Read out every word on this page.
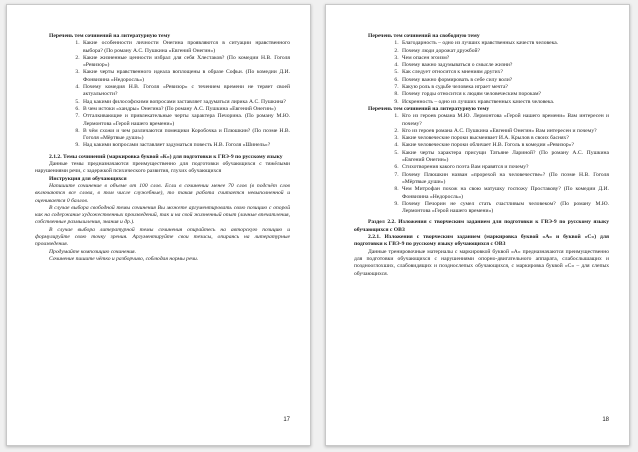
Перечень тем сочинений на литературную тему

1. Какие особенности личности Онегина проявляются в ситуации нравственного выбора? (По роману А.С. Пушкина «Евгений Онегин»)
2. Какие жизненные ценности избрал для себя Хлестаков? (По комедии Н.В. Гоголя «Ревизор»)
3. Какие черты нравственного идеала воплощены в образе Софьи. (По комедии Д.И. Фонвизина «Недоросль»)
4. Почему комедия Н.В. Гоголя «Ревизор» с течением времени не теряет своей актуальности?
5. Над какими философскими вопросами заставляет задуматься лирика А.С. Пушкина?
6. В чем истоки «хандры» Онегина? (По роману А.С. Пушкина «Евгений Онегин»)
7. Отталкивающие и привлекательные черты характера Печорина. (По роману М.Ю. Лермонтова «Герой нашего времени»)
8. В чём схожи и чем различаются помещики Коробочка и Плюшкин? (По поэме Н.В. Гоголя «Мёртвые души»)
9. Над какими вопросами заставляет задуматься повесть Н.В. Гоголя «Шинель»?

2.1.2. Темы сочинений (маркировка буквой «К») для подготовки к ГВЭ-9 по русскому языку

Данные темы предназначаются преимущественно для подготовки обучающихся с тяжёлыми нарушениями речи, с задержкой психического развития, глухих обучающихся

Инструкция для обучающихся

Напишите сочинение в объеме от 100 слов. Если в сочинении менее 70 слов (в подсчёт слов включаются все слова, в том числе служебные), то такая работа считается невыполненной и оценивается 0 баллов.

В случае выбора свободной темы сочинения Вы можете аргументировать свою позицию с опорой как на содержание художественных произведений, так и на свой жизненный опыт (личные впечатления, собственные размышления, знания и др.).

В случае выбора литературной темы сочинения опирайтесь на авторскую позицию и формулируйте свою точку зрения. Аргументируйте свои тезисы, опираясь на литературные произведения.

Продумайте композицию сочинения.

Сочинение пишите чётко и разборчиво, соблюдая нормы речи.

17

Перечень тем сочинений на свободную тему

1. Благодарность – одно из лучших нравственных качеств человека.
2. Почему люди дорожат дружбой?
3. Чем опасен эгоизм?
4. Почему важно задумываться о смысле жизни?
5. Как следует относится к мнениям других?
6. Почему важно формировать в себе силу воли?
7. Какую роль в судьбе человека играет мечта?
8. Почему горды относится к людям человеческим порокам?
9. Искренность – одно из лучших нравственных качеств человека.

Перечень тем сочинений на литературную тему

1. Кто из героев романа М.Ю. Лермонтова «Герой нашего времени» Вам интересен и почему?
2. Кто из героев романа А.С. Пушкина «Евгений Онегин» Вам интересен и почему?
3. Какие человеческие пороки высмеивает И.А. Крылов в своих баснях?
4. Какие человеческие пороки обличает Н.В. Гоголь в комедии «Ревизор»?
5. Какие черты характера присущи Татьяне Лариной? (По роману А.С. Пушкина «Евгений Онегин»)
6. Стихотворения какого поэта Вам нравятся и почему?
7. Почему Плюшкин назван «прорехой на человечестве»? (По поэме Н.В. Гоголя «Мёртвые души»)
8. Чем Митрофан похож на свою матушку госпожу Простакову? (По комедии Д.И. Фонвизина «Недоросль»)
9. Почему Печорин не сумел стать счастливым человеком? (По роману М.Ю. Лермонтова «Герой нашего времени»)

Раздел 2.2. Изложения с творческим заданием для подготовки к ГВЭ-9 по русскому языку обучающихся с ОВЗ

2.2.1. Изложения с творческим заданием (маркировка буквой «А» и буквой «С») для подготовки к ГВЭ-9 по русскому языку обучающихся с ОВЗ

Данные тренировочные материалы с маркировкой буквой «А» предназначаются преимущественно для подготовки обучающихся с нарушениями опорно-двигательного аппарата, слабослышащих и позднооглохших, слабовидящих и позднослепых обучающихся, с маркировка буквой «С» – для слепых обучающихся.

18
